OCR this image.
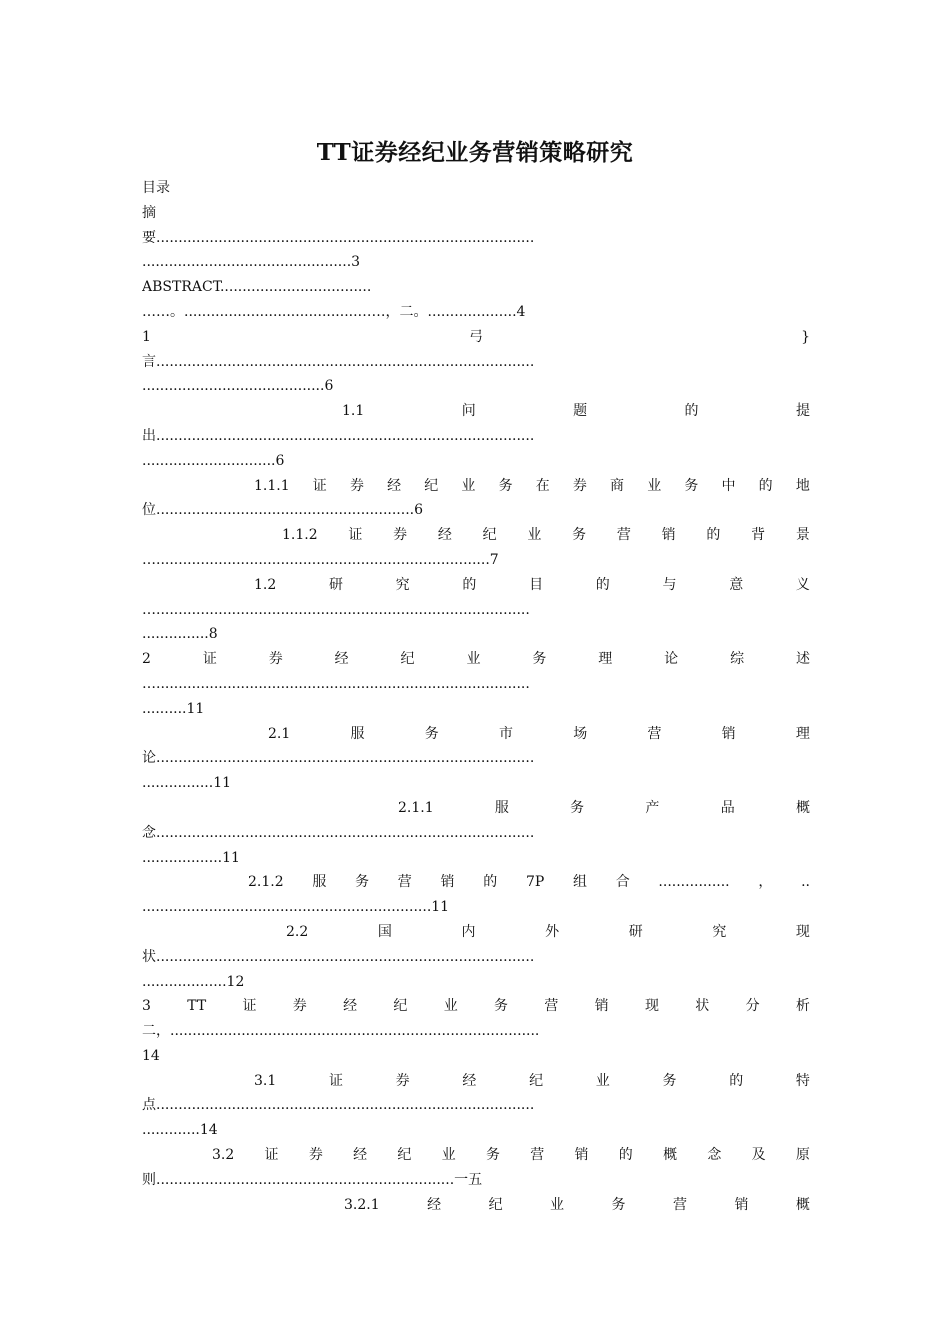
TT证券经纪业务营销策略研究
目录
摘
要.....................................................................................
...............................................3
ABSTRACT..................................
……。.......................................……，二。....................4
1	弓	}
言.....................................................................................
.........................................6
1.1	问	题	的	提
出.....................................................................................
..............................6
1.1.1 证 券 经 纪 业 务 在 券 商 业 务 中 的 地
位..........................................................6
1.1.2 证 券 经 纪 业 务 营 销 的 背 景
…...........................................................................7
1.2	研	究	的	目	的	与	意	义
…....................................................................................
...............8
2	证	券	经	纪	业	务	理	论	综	述
…....................................................................................
..........11
2.1	服	务	市	场	营	销	理
论.....................................................................................
................11
2.1.1	服	务	产	品	概
念.....................................................................................
..................11
2.1.2 服 务 营 销 的 7P 组 合 ................ ， ..
.................................................................11
2.2	国	内	外	研	究	现
状.....................................................................................
...................12
3	TT	证	券	经	纪	业	务	营	销	现	状	分	析
二，...................................................................................
14
3.1	证	券	经	纪	业	务	的	特
点.....................................................................................
.............14
3.2 证 券 经 纪 业 务 营 销 的 概 念 及 原
则...................................................................一五
3.2.1	经	纪	业	务	营	销	概
